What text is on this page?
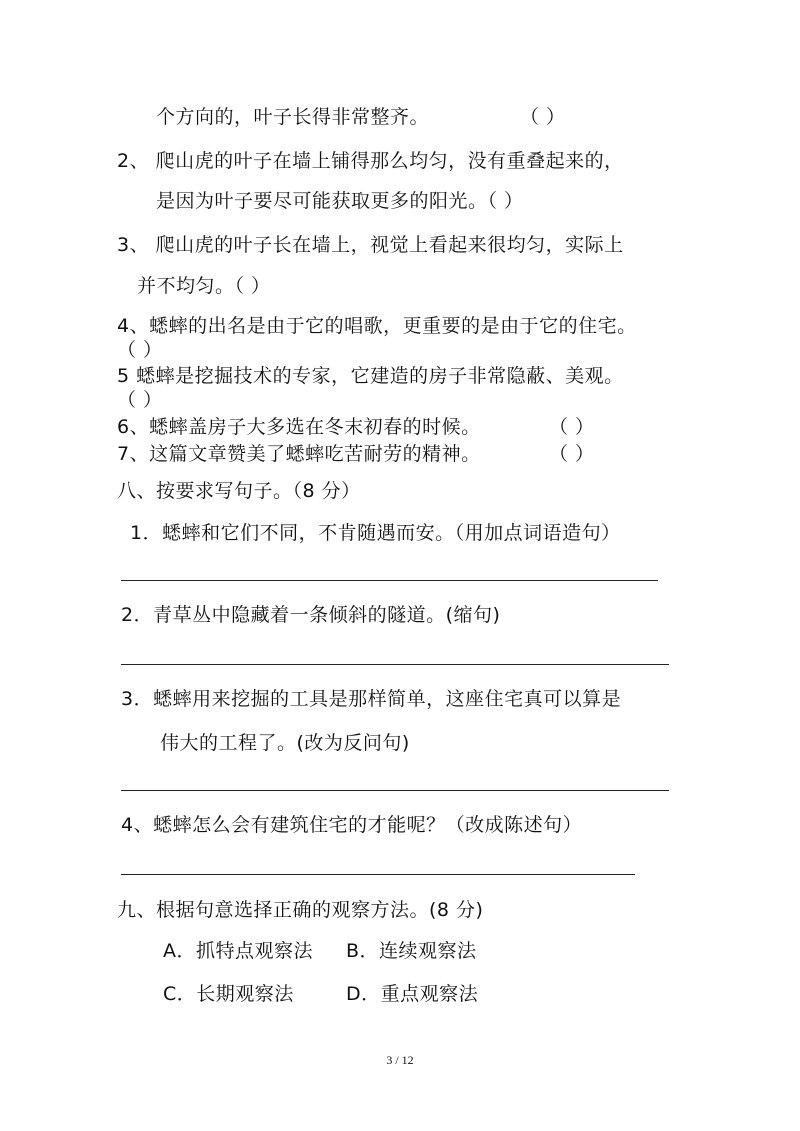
个方向的，叶子长得非常整齐。	（ ）
2、 爬山虎的叶子在墙上铺得那么均匀，没有重叠起来的，
是因为叶子要尽可能获取更多的阳光。（ ）
3、 爬山虎的叶子长在墙上，视觉上看起来很均匀，实际上
并不均匀。（ ）
4、蟋蟀的出名是由于它的唱歌，更重要的是由于它的住宅。
（ ）
5 蟋蟀是挖掘技术的专家，它建造的房子非常隐蔽、美观。
（ ）
6、蟋蟀盖房子大多选在冬末初春的时候。	（ ）
7、这篇文章赞美了蟋蟀吃苦耐劳的精神。	（ ）
八、按要求写句子。（8 分）
1．蟋蟀和它们不同，不肯随遇而安。（用加点词语造句）
2．青草丛中隐藏着一条倾斜的隧道。(缩句)
3．蟋蟀用来挖掘的工具是那样简单，这座住宅真可以算是
伟大的工程了。(改为反问句)
4、蟋蟀怎么会有建筑住宅的才能呢？（改成陈述句）
九、根据句意选择正确的观察方法。(8 分)
A．抓特点观察法 B．连续观察法
C．长期观察法	D．重点观察法
3 / 12
